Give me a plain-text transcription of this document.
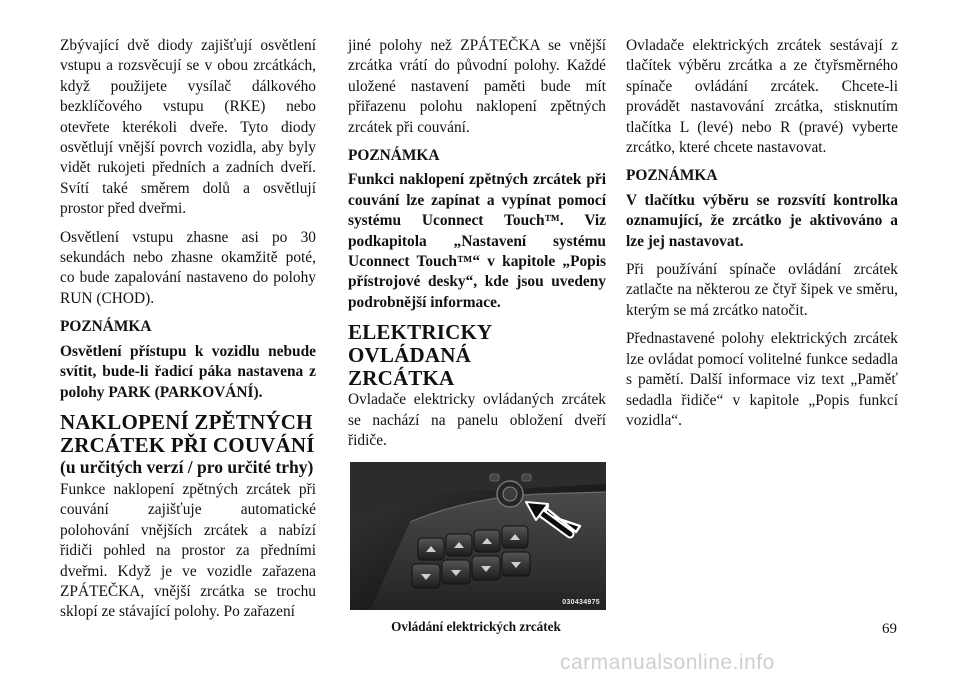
Zbývající dvě diody zajišťují osvětlení vstupu a rozsvěcují se v obou zrcátkách, když použijete vysílač dálkového bezklíčového vstupu (RKE) nebo otevřete kterékoli dveře. Tyto diody osvětlují vnější povrch vozidla, aby byly vidět rukojeti předních a zadních dveří. Svítí také směrem dolů a osvětlují prostor před dveřmi.

Osvětlení vstupu zhasne asi po 30 sekundách nebo zhasne okamžitě poté, co bude zapalování nastaveno do polohy RUN (CHOD).

POZNÁMKA

Osvětlení přístupu k vozidlu nebude svítit, bude-li řadicí páka nastavena z polohy PARK (PARKOVÁNÍ).

NAKLOPENÍ ZPĚTNÝCH
ZRCÁTEK PŘI COUVÁNÍ
(u určitých verzí / pro určité trhy)

Funkce naklopení zpětných zrcátek při couvání zajišťuje automatické polohování vnějších zrcátek a nabízí řidiči pohled na prostor za předními dveřmi. Když je ve vozidle zařazena ZPÁTEČKA, vnější zrcátka se trochu sklopí ze stávající polohy. Po zařazení

jiné polohy než ZPÁTEČKA se vnější zrcátka vrátí do původní polohy. Každé uložené nastavení paměti bude mít přiřazenu polohu naklopení zpětných zrcátek při couvání.

POZNÁMKA

Funkci naklopení zpětných zrcátek při couvání lze zapínat a vypínat pomocí systému Uconnect Touch™. Viz podkapitola „Nastavení systému Uconnect Touch™“ v kapitole „Popis přístrojové desky“, kde jsou uvedeny podrobnější informace.

ELEKTRICKY OVLÁDANÁ
ZRCÁTKA

Ovladače elektricky ovládaných zrcátek se nachází na panelu obložení dveří řidiče.

030434975

Ovládání elektrických zrcátek

Ovladače elektrických zrcátek sestávají z tlačítek výběru zrcátka a ze čtyřsměrného spínače ovládání zrcátek. Chcete-li provádět nastavování zrcátka, stisknutím tlačítka L (levé) nebo R (pravé) vyberte zrcátko, které chcete nastavovat.

POZNÁMKA

V tlačítku výběru se rozsvítí kontrolka oznamující, že zrcátko je aktivováno a lze jej nastavovat.

Při používání spínače ovládání zrcátek zatlačte na některou ze čtyř šipek ve směru, kterým se má zrcátko natočit.

Přednastavené polohy elektrických zrcátek lze ovládat pomocí volitelné funkce sedadla s pamětí. Další informace viz text „Paměť sedadla řidiče“ v kapitole „Popis funkcí vozidla“.

69
carmanualsonline.info
